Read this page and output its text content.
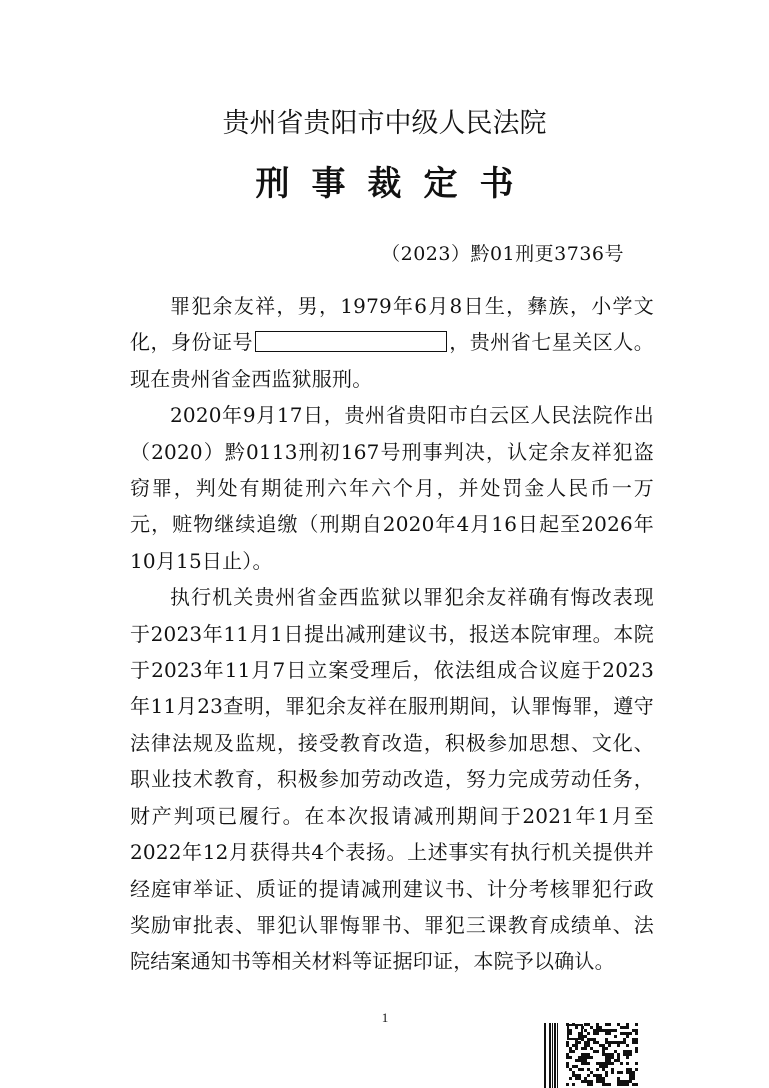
贵州省贵阳市中级人民法院
刑事裁定书
（2023）黔01刑更3736号

罪犯余友祥，男，1979年6月8日生，彝族，小学文化，身份证号	，贵州省七星关区人。现在贵州省金西监狱服刑。

2020年9月17日，贵州省贵阳市白云区人民法院作出（2020）黔0113刑初167号刑事判决，认定余友祥犯盗窃罪，判处有期徒刑六年六个月，并处罚金人民币一万元，赃物继续追缴（刑期自2020年4月16日起至2026年10月15日止）。

执行机关贵州省金西监狱以罪犯余友祥确有悔改表现于2023年11月1日提出减刑建议书，报送本院审理。本院于2023年11月7日立案受理后，依法组成合议庭于2023年11月23查明，罪犯余友祥在服刑期间，认罪悔罪，遵守法律法规及监规，接受教育改造，积极参加思想、文化、职业技术教育，积极参加劳动改造，努力完成劳动任务，财产判项已履行。在本次报请减刑期间于2021年1月至2022年12月获得共4个表扬。上述事实有执行机关提供并经庭审举证、质证的提请减刑建议书、计分考核罪犯行政奖励审批表、罪犯认罪悔罪书、罪犯三课教育成绩单、法院结案通知书等相关材料等证据印证，本院予以确认。

1
